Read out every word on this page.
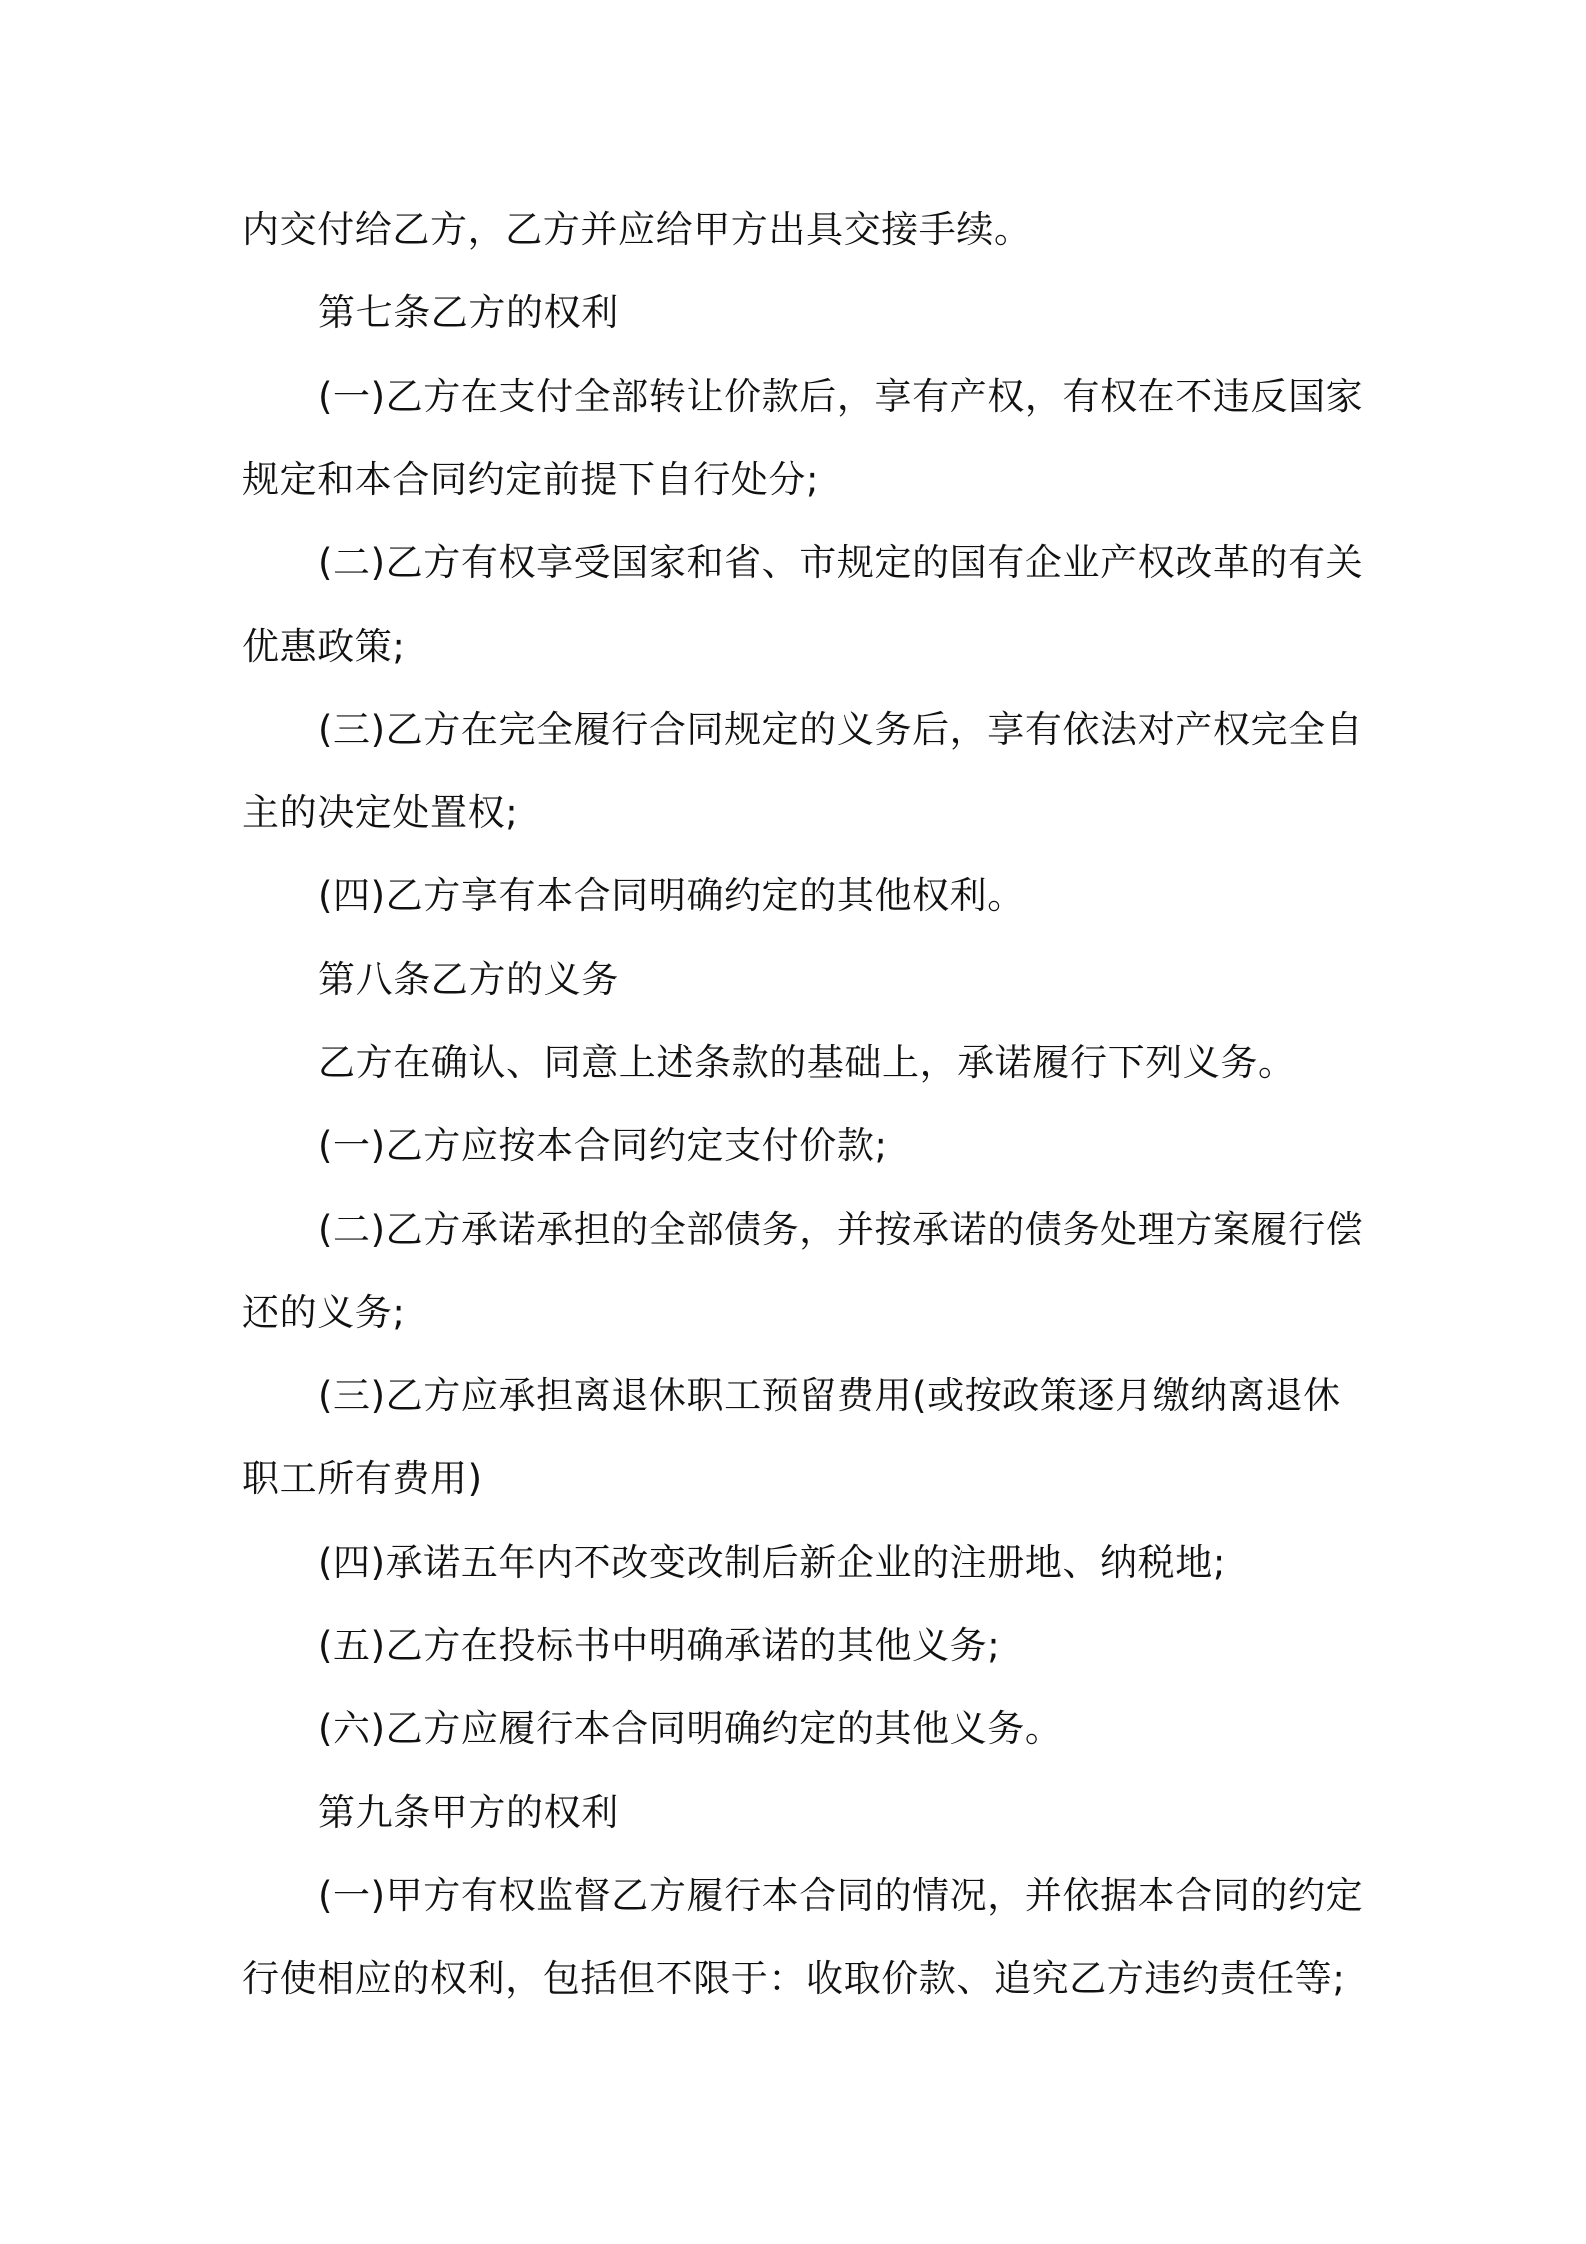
内交付给乙方，乙方并应给甲方出具交接手续。

第七条乙方的权利

(一)乙方在支付全部转让价款后，享有产权，有权在不违反国家

规定和本合同约定前提下自行处分;

(二)乙方有权享受国家和省、市规定的国有企业产权改革的有关

优惠政策;

(三)乙方在完全履行合同规定的义务后，享有依法对产权完全自

主的决定处置权;

(四)乙方享有本合同明确约定的其他权利。

第八条乙方的义务

乙方在确认、同意上述条款的基础上，承诺履行下列义务。

(一)乙方应按本合同约定支付价款;

(二)乙方承诺承担的全部债务，并按承诺的债务处理方案履行偿

还的义务;

(三)乙方应承担离退休职工预留费用(或按政策逐月缴纳离退休

职工所有费用)

(四)承诺五年内不改变改制后新企业的注册地、纳税地;

(五)乙方在投标书中明确承诺的其他义务;

(六)乙方应履行本合同明确约定的其他义务。

第九条甲方的权利

(一)甲方有权监督乙方履行本合同的情况，并依据本合同的约定

行使相应的权利，包括但不限于：收取价款、追究乙方违约责任等;
